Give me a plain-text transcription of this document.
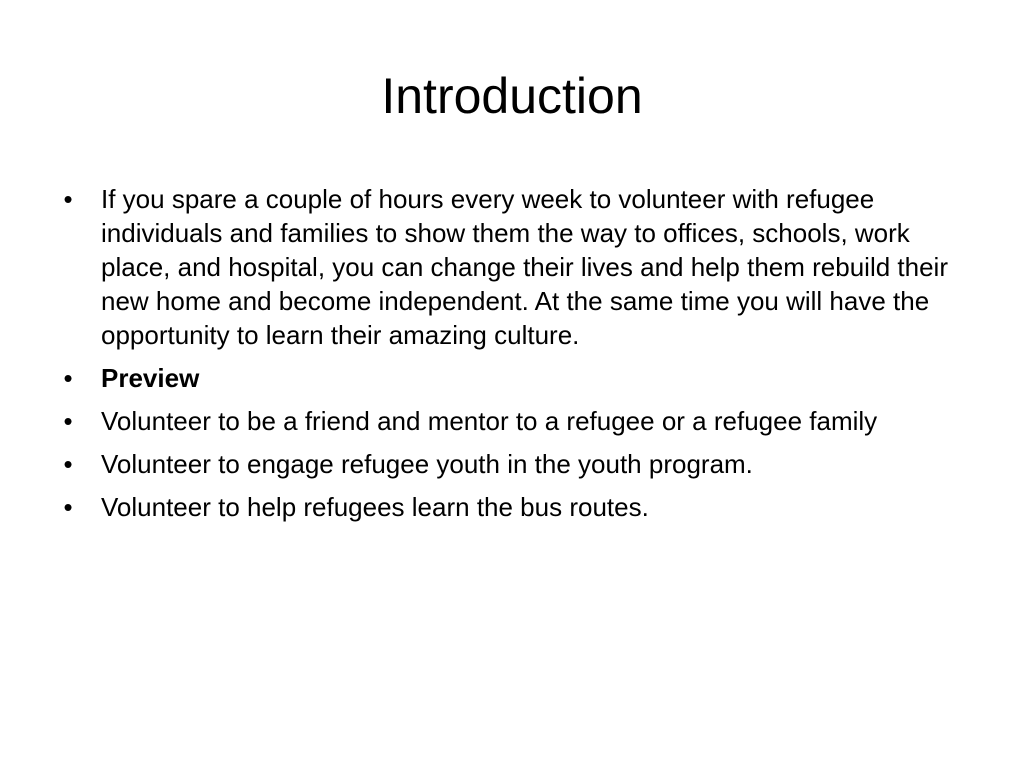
Introduction
• If you spare a couple of hours every week to volunteer with refugee individuals and families to show them the way to offices, schools, work place, and hospital, you can change their lives and help them rebuild their new home and become independent. At the same time you will have the opportunity to learn their amazing culture.
• Preview
• Volunteer to be a friend and mentor to a refugee or a refugee family
• Volunteer to engage refugee youth in the youth program.
• Volunteer to help refugees learn the bus routes.
